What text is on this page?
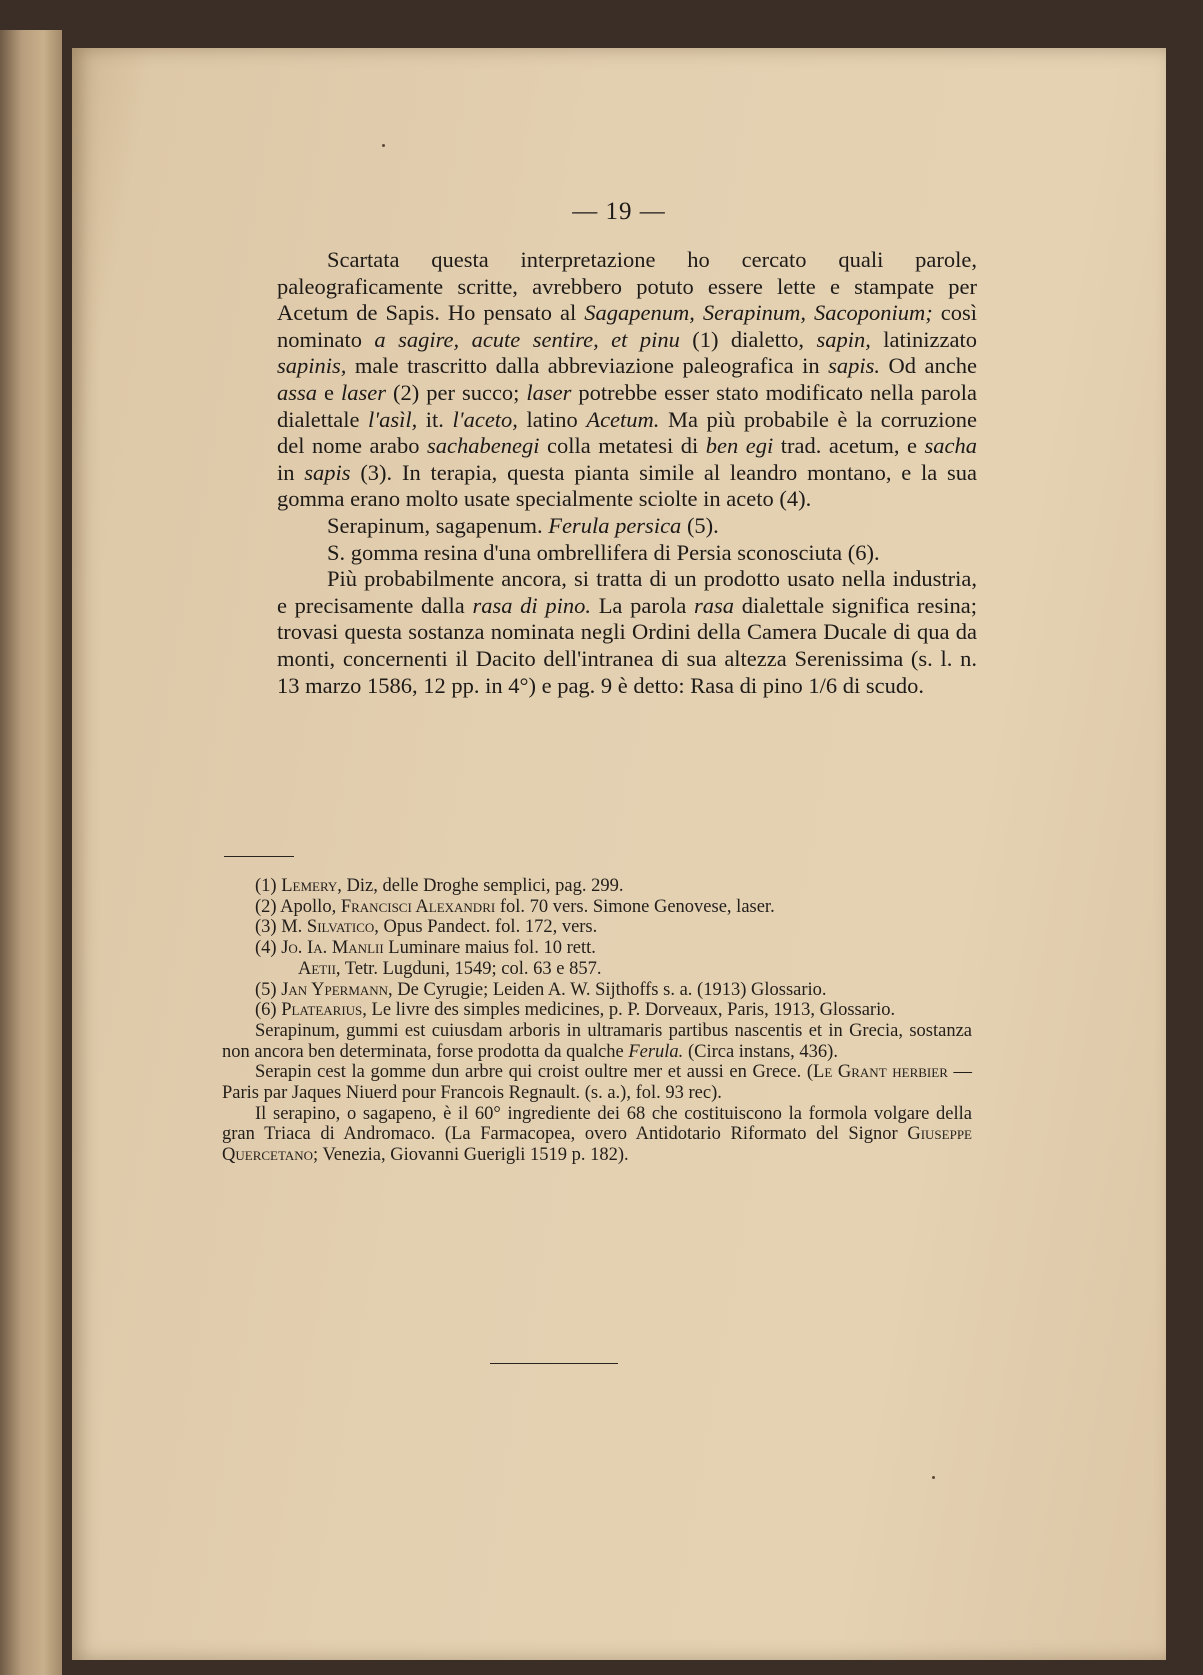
— 19 —

Scartata questa interpretazione ho cercato quali parole, paleograficamente scritte, avrebbero potuto essere lette e stampate per Acetum de Sapis. Ho pensato al Sagapenum, Serapinum, Sacoponium; così nominato a sagire, acute sentire, et pinu (1) dialetto, sapin, latinizzato sapinis, male trascritto dalla abbreviazione paleografica in sapis. Od anche assa e laser (2) per succo; laser potrebbe esser stato modificato nella parola dialettale l'asìl, it. l'aceto, latino Acetum. Ma più probabile è la corruzione del nome arabo sachabenegi colla metatesi di ben egi trad. acetum, e sacha in sapis (3). In terapia, questa pianta simile al leandro montano, e la sua gomma erano molto usate specialmente sciolte in aceto (4).

Serapinum, sagapenum. Ferula persica (5).

S. gomma resina d'una ombrellifera di Persia sconosciuta (6).

Più probabilmente ancora, si tratta di un prodotto usato nella industria, e precisamente dalla rasa di pino. La parola rasa dialettale significa resina; trovasi questa sostanza nominata negli Ordini della Camera Ducale di qua da monti, concernenti il Dacito dell'intranea di sua altezza Serenissima (s. l. n. 13 marzo 1586, 12 pp. in 4°) e pag. 9 è detto: Rasa di pino 1/6 di scudo.

(1) Lemery, Diz, delle Droghe semplici, pag. 299.

(2) Apollo, Francisci Alexandri fol. 70 vers. Simone Genovese, laser.

(3) M. Silvatico, Opus Pandect. fol. 172, vers.

(4) Jo. Ia. Manlii Luminare maius fol. 10 rett.

Aetii, Tetr. Lugduni, 1549; col. 63 e 857.

(5) Jan Ypermann, De Cyrugie; Leiden A. W. Sijthoffs s. a. (1913) Glossario.

(6) Platearius, Le livre des simples medicines, p. P. Dorveaux, Paris, 1913, Glossario.

Serapinum, gummi est cuiusdam arboris in ultramaris partibus nascentis et in Grecia, sostanza non ancora ben determinata, forse prodotta da qualche Ferula. (Circa instans, 436).

Serapin cest la gomme dun arbre qui croist oultre mer et aussi en Grece. (Le Grant herbier — Paris par Jaques Niuerd pour Francois Regnault. (s. a.), fol. 93 rec).

Il serapino, o sagapeno, è il 60° ingrediente dei 68 che costituiscono la formola volgare della gran Triaca di Andromaco. (La Farmacopea, overo Antidotario Riformato del Signor Giuseppe Quercetano; Venezia, Giovanni Guerigli 1519 p. 182).
